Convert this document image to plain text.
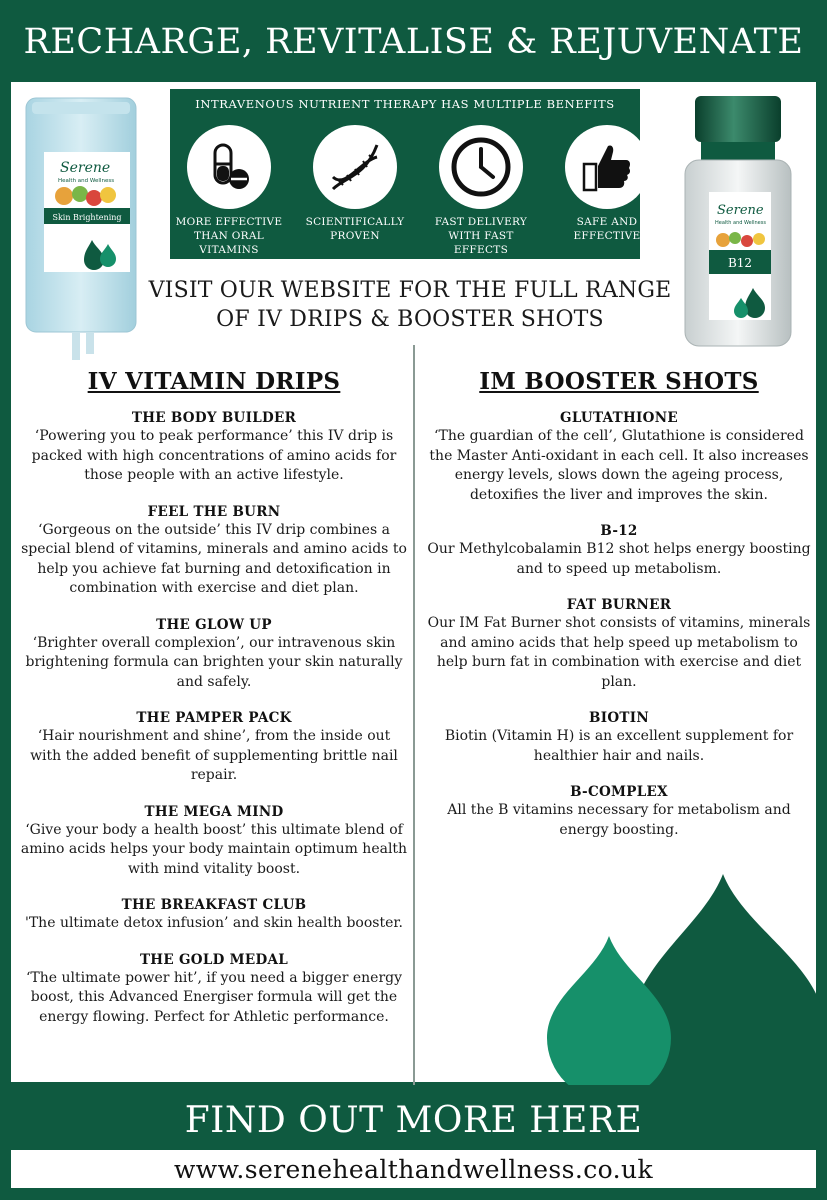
RECHARGE, REVITALISE & REJUVENATE
Serene
Health and Wellness
Skin Brightening
INTRAVENOUS NUTRIENT THERAPY HAS MULTIPLE BENEFITS
MORE EFFECTIVE
THAN ORAL
VITAMINS
SCIENTIFICALLY
PROVEN
FAST DELIVERY
WITH FAST EFFECTS
SAFE AND
EFFECTIVE
Serene
Health and Wellness
B12
VISIT OUR WEBSITE FOR THE FULL RANGE
OF IV DRIPS & BOOSTER SHOTS
IV VITAMIN DRIPS
THE BODY BUILDER

‘Powering you to peak performance’ this IV drip is packed with high concentrations of amino acids for those people with an active lifestyle.

FEEL THE BURN

‘Gorgeous on the outside’ this IV drip combines a special blend of vitamins, minerals and amino acids to help you achieve fat burning and detoxification in combination with exercise and diet plan.

THE GLOW UP

‘Brighter overall complexion’, our intravenous skin brightening formula can brighten your skin naturally and safely.

THE PAMPER PACK

‘Hair nourishment and shine’, from the inside out with the added benefit of supplementing brittle nail repair.

THE MEGA MIND

‘Give your body a health boost’ this ultimate blend of amino acids helps your body maintain optimum health with mind vitality boost.

THE BREAKFAST CLUB

'The ultimate detox infusion’ and skin health booster.

THE GOLD MEDAL

‘The ultimate power hit’, if you need a bigger energy boost, this Advanced Energiser formula will get the energy flowing. Perfect for Athletic performance.

IM BOOSTER SHOTS
GLUTATHIONE

‘The guardian of the cell’, Glutathione is considered the Master Anti-oxidant in each cell. It also increases energy levels, slows down the ageing process, detoxifies the liver and improves the skin.

B-12

Our Methylcobalamin B12 shot helps energy boosting and to speed up metabolism.

FAT BURNER

Our IM Fat Burner shot consists of vitamins, minerals and amino acids that help speed up metabolism to help burn fat in combination with exercise and diet plan.

BIOTIN

Biotin (Vitamin H) is an excellent supplement for healthier hair and nails.

B-COMPLEX

All the B vitamins necessary for metabolism and energy boosting.

FIND OUT MORE HERE
www.serenehealthandwellness.co.uk
